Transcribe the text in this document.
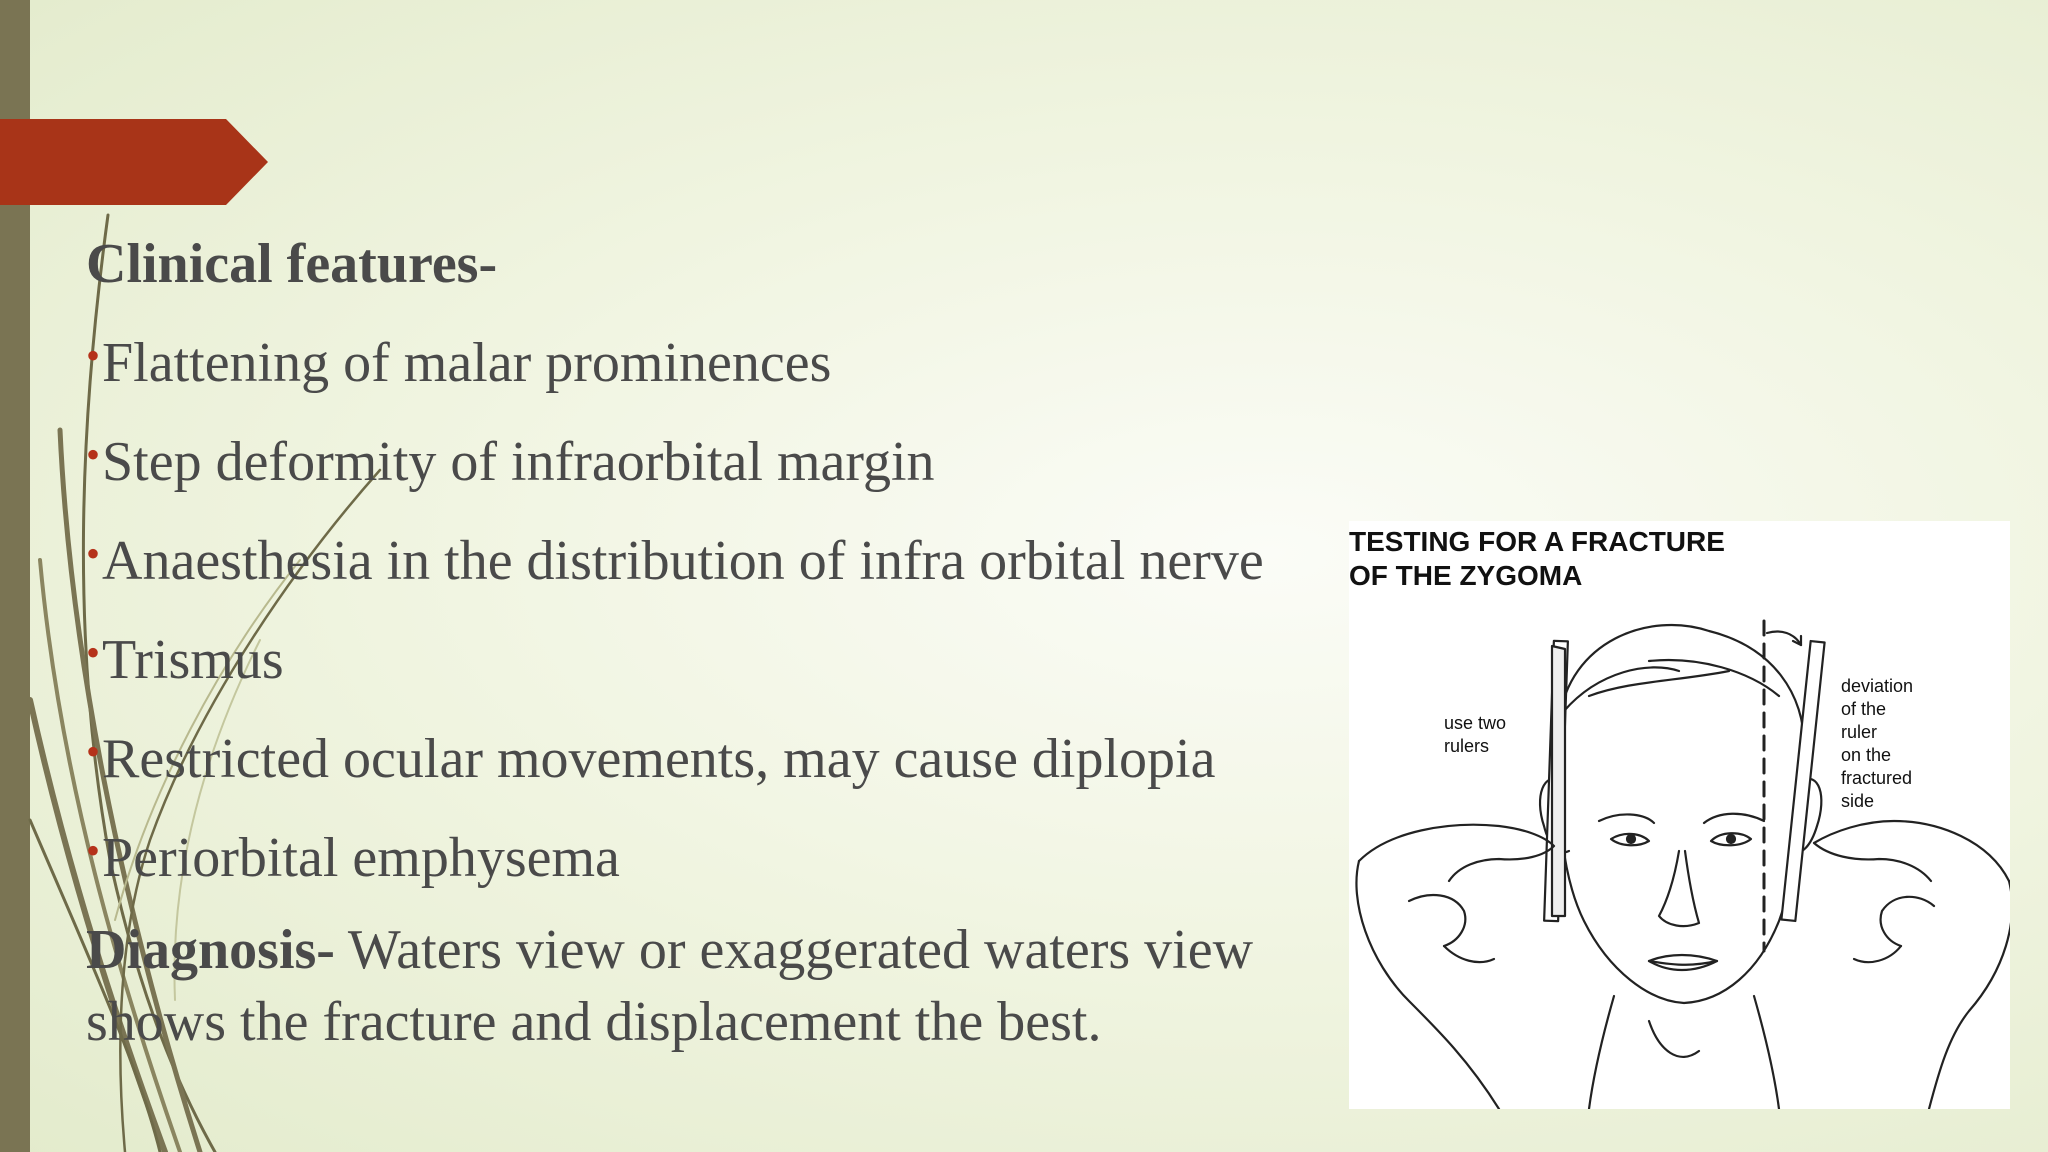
Clinical features-
•Flattening of malar prominences
•Step deformity of infraorbital margin
•Anaesthesia in the distribution of infra orbital nerve
•Trismus
•Restricted ocular movements, may cause diplopia
•Periorbital emphysema
Diagnosis- Waters view or exaggerated waters view shows the fracture and displacement the best.
TESTING FOR A FRACTURE
OF THE ZYGOMA
use two
rulers
deviation
of the
ruler
on the
fractured
side
